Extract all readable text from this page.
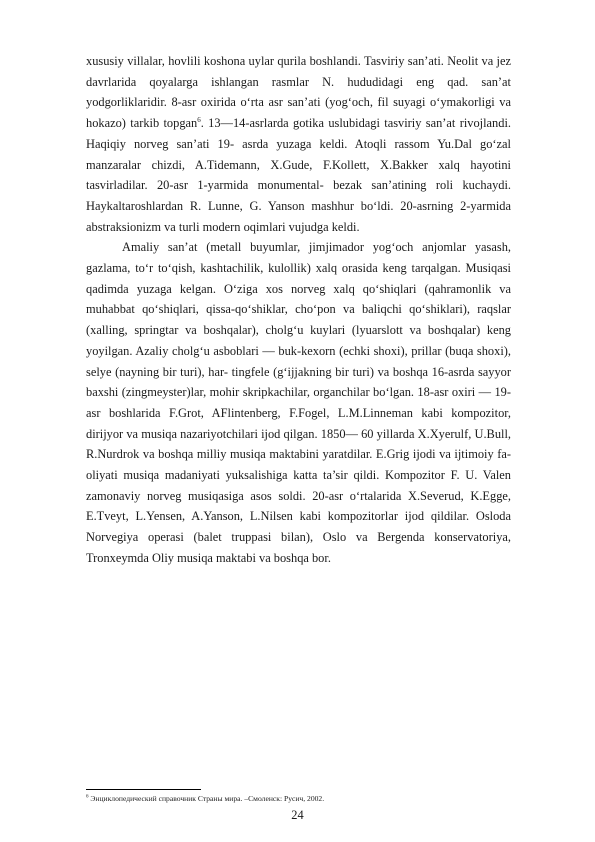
xususiy villalar, hovlili koshona uylar qurila boshlandi. Tasviriy san’ati. Neolit va jez davrlarida qoyalarga ishlangan rasmlar N. hududidagi eng qad. san’at yodgorliklaridir. 8-asr oxirida o‘rta asr san’ati (yog‘och, fil suyagi o‘ymakorligi va hokazo) tarkib topgan$^6$. 13—14-asrlarda gotika uslubidagi tasviriy san’at rivojlandi. Haqiqiy norveg san’ati 19- asrda yuzaga keldi. Atoqli rassom Yu.Dal go‘zal manzaralar chizdi, A.Tidemann, X.Gude, F.Kollett, X.Bakker xalq hayotini tasvirladilar. 20-asr 1-yarmida monumental- bezak san’atining roli kuchaydi. Haykaltaroshlardan R. Lunne, G. Yanson mashhur bo‘ldi. 20-asrning 2-yarmida abstraksionizm va turli modern oqimlari vujudga keldi.

Amaliy san’at (metall buyumlar, jimjimador yog‘och anjomlar yasash, gazlama, to‘r to‘qish, kashtachilik, kulollik) xalq orasida keng tarqalgan. Musiqasi qadimda yuzaga kelgan. O‘ziga xos norveg xalq qo‘shiqlari (qahramonlik va muhabbat qo‘shiqlari, qissa-qo‘shiklar, cho‘pon va baliqchi qo‘shiklari), raqslar (xalling, springtar va boshqalar), cholg‘u kuylari (lyuarslott va boshqalar) keng yoyilgan. Azaliy cholg‘u asboblari — buk-kexorn (echki shoxi), prillar (buqa shoxi), selye (nayning bir turi), har- tingfele (g‘ijjakning bir turi) va boshqa 16-asrda sayyor baxshi (zingmeyster)lar, mohir skripkachilar, organchilar bo‘lgan. 18-asr oxiri — 19-asr boshlarida F.Grot, AFlintenberg, F.Fogel, L.M.Linneman kabi kompozitor, dirijyor va musiqa nazariyotchilari ijod qilgan. 1850— 60 yillarda X.Xyerulf, U.Bull, R.Nurdrok va boshqa milliy musiqa maktabini yaratdilar. E.Grig ijodi va ijtimoiy fa-oliyati musiqa madaniyati yuksalishiga katta ta’sir qildi. Kompozitor F. U. Valen zamonaviy norveg musiqasiga asos soldi. 20-asr o‘rtalarida X.Severud, K.Egge, E.Tveyt, L.Yensen, A.Yanson, L.Nilsen kabi kompozitorlar ijod qildilar. Osloda Norvegiya operasi (balet truppasi bilan), Oslo va Bergenda konservatoriya, Tronxeymda Oliy musiqa maktabi va boshqa bor.

$^6$ Энциклопедический справочник Страны мира. –Смоленск: Русич, 2002.
24
